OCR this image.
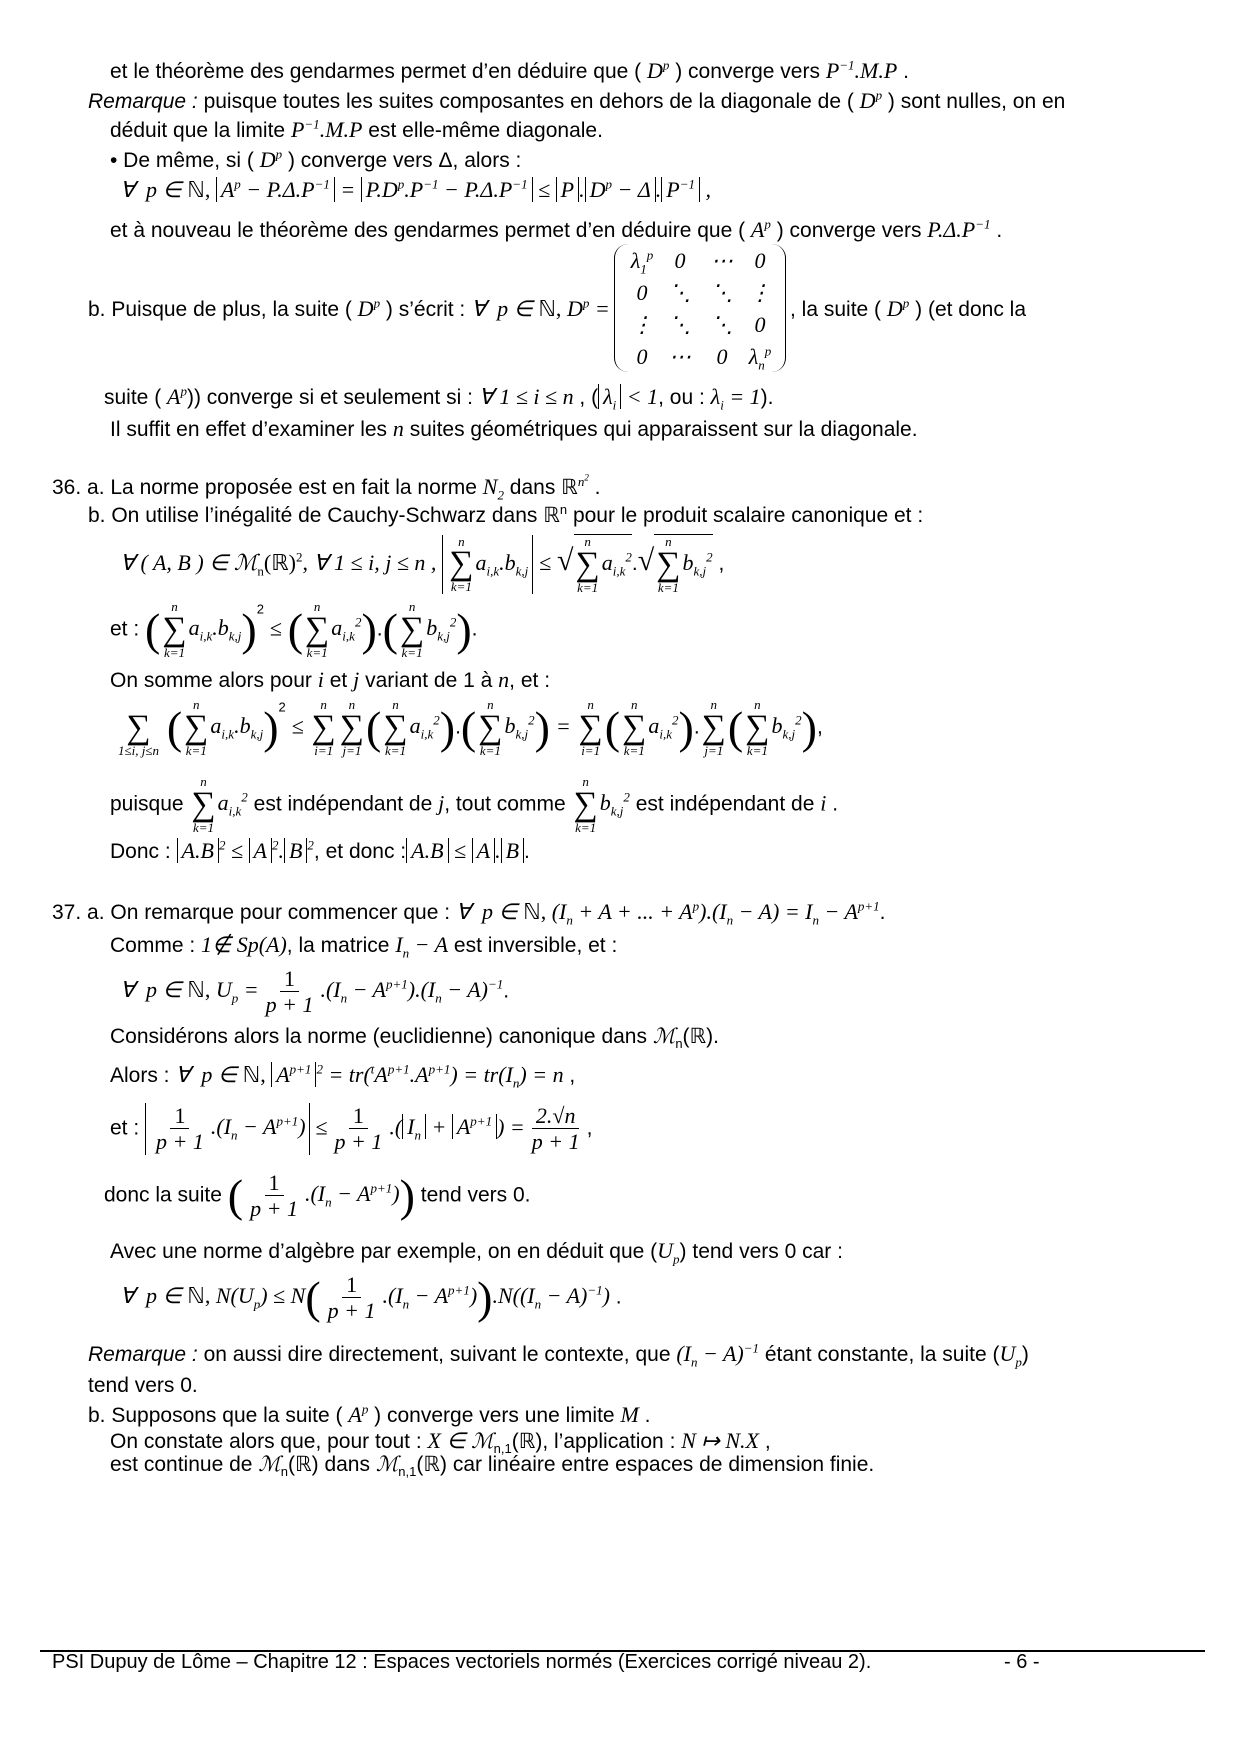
et le théorème des gendarmes permet d’en déduire que ( $D^p$ ) converge vers $P^{-1}.M.P$ .
Remarque : puisque toutes les suites composantes en dehors de la diagonale de ( $D^p$ ) sont nulles, on en
déduit que la limite $P^{-1}.M.P$ est elle-même diagonale.
• De même, si ( $D^p$ ) converge vers Δ, alors :
∀  p ∈ ℕ, $A^p - P.\Delta.P^{-1} = P.D^p.P^{-1} - P.\Delta.P^{-1} \le P$ . $D^p - \Delta$ . $P^{-1}$ ,
et à nouveau le théorème des gendarmes permet d’en déduire que ( $A^p$ ) converge vers $P.\Delta.P^{-1}$ .
b. Puisque de plus, la suite ( $D^p$ ) s’écrit : ∀  p ∈ ℕ, $D^p$ =
$\lambda_1^p$ 0	⋯ 0
0 ⋱ ⋱ ⋮
⋮ ⋱ ⋱ 0
0 ⋯	0 $\lambda_n^p$
, la suite ( $D^p$ ) (et donc la
suite ( $A^p$)) converge si et seulement si : ∀ 1 ≤ i ≤ n , ( $\lambda_i < 1$, ou : $\lambda_i = 1$).
Il suffit en effet d’examiner les n suites géométriques qui apparaissent sur la diagonale.
36. a. La norme proposée est en fait la norme $N_2$ dans ℝ$^{n^2}$ .
b. On utilise l’inégalité de Cauchy-Schwarz dans ℝ$^n$ pour le produit scalaire canonique et :
∀ ( A, B ) ∈ ℳ$_n$(ℝ)$^2$, ∀ 1 ≤ i, j ≤ n ,
n
∑
k=1
$a_{i,k}.b_{k,j}$ ≤ √
n
∑
k=1
$a_{i,k}^2.√$
n
∑
k=1
$b_{k,j}^2$ ,
et : ( n
∑
k=1
$a_{i,k}.b_{k,j})^2$ ≤ ( n
∑
k=1
$a_{i,k}^2$).( n
∑
k=1
$b_{k,j}^2$).
On somme alors pour i et j variant de 1 à n, et :

∑
1≤i, j≤n ( n
∑
k=1
$a_{i,k}.b_{k,j})^2$ ≤
n
∑
i=1
n
∑
j=1 ( n
∑
k=1
$a_{i,k}^2$).( n
∑
k=1
$b_{k,j}^2$) =
n
∑
i=1 ( n
∑
k=1
$a_{i,k}^2$).
n
∑
j=1 ( n
∑
k=1
$b_{k,j}^2$),
puisque
n
∑
k=1
$a_{i,k}^2$ est indépendant de j, tout comme
n
∑
k=1
$b_{k,j}^2$ est indépendant de i .
Donc : A.B $^2$ ≤ A $^2$. B $^2$, et donc : A.B ≤ A . B .
37. a. On remarque pour commencer que : ∀  p ∈ ℕ, ($I_n + A$ + ... + $A^p).(I_n - A) = I_n - A^{p+1}$.
Comme : 1∉ Sp(A), la matrice $I_n - A$ est inversible, et :
∀  p ∈ ℕ, $U_p = \frac{1}{p + 1} .(I_n - A^{p+1}).(I_n - A)^{-1}$.
Considérons alors la norme (euclidienne) canonique dans ℳ$_n$(ℝ).
Alors : ∀  p ∈ ℕ, $A^{p+1}$ $^2 = tr(^tA^{p+1}.A^{p+1}) = tr(I_n) = n$ ,
et : $\frac{1}{p + 1} .(I_n - A^{p+1}) \le \frac{1}{p + 1}$ .( $I_n + A^{p+1}$ ) = $\frac{2.√n}{p + 1}$ ,
donc la suite ( $\frac{1}{p + 1} .(I_n - A^{p+1})$) tend vers 0.
Avec une norme d’algèbre par exemple, on en déduit que $(U_p)$ tend vers 0 car :
∀  p ∈ ℕ, $N(U_p) \le N( \frac{1}{p + 1} .(I_n - A^{p+1})).N((I_n - A)^{-1})$ .
Remarque : on aussi dire directement, suivant le contexte, que $(I_n - A)^{-1}$ étant constante, la suite $(U_p)$
tend vers 0.
b. Supposons que la suite ( $A^p$ ) converge vers une limite M .
On constate alors que, pour tout : X ∈ ℳ$_{n,1}$(ℝ), l’application : N ↦ N.X ,
est continue de ℳ$_n$(ℝ) dans ℳ$_{n,1}$(ℝ) car linéaire entre espaces de dimension finie.
PSI Dupuy de Lôme – Chapitre 12 : Espaces vectoriels normés (Exercices corrigé niveau 2).	- 6 -
